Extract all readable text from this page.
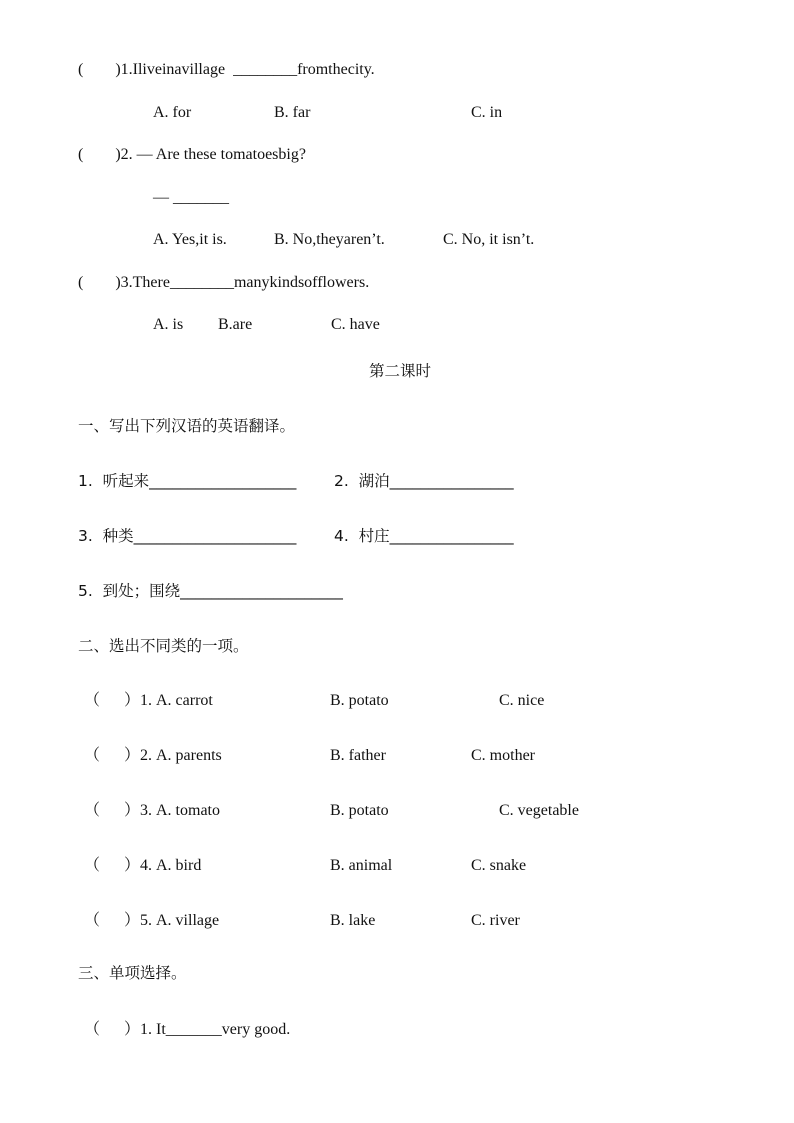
(        )1.Iliveinavillage  ________fromthecity.
A. for	B. far	C. in
(        )2. — Are these tomatoesbig?
— _______
A. Yes,it is.	B. No,theyaren’t.	C. No, it isn’t.
(        )3.There________manykindsofflowers.
A. is B.are	C. have
第二课时
一、写出下列汉语的英语翻译。
1.  听起来___________________ 2.  湖泊________________
3.  种类_____________________ 4.  村庄________________
5.  到处；围绕_____________________
二、选出不同类的一项。
（      ）1. A. carrot	B. potato	C. nice
（      ）2. A. parents	B. father	C. mother
（      ）3. A. tomato	B. potato	C. vegetable
（      ）4. A. bird	B. animal	C. snake
（      ）5. A. village	B. lake	C. river
三、单项选择。
（      ）1. It_______very good.
